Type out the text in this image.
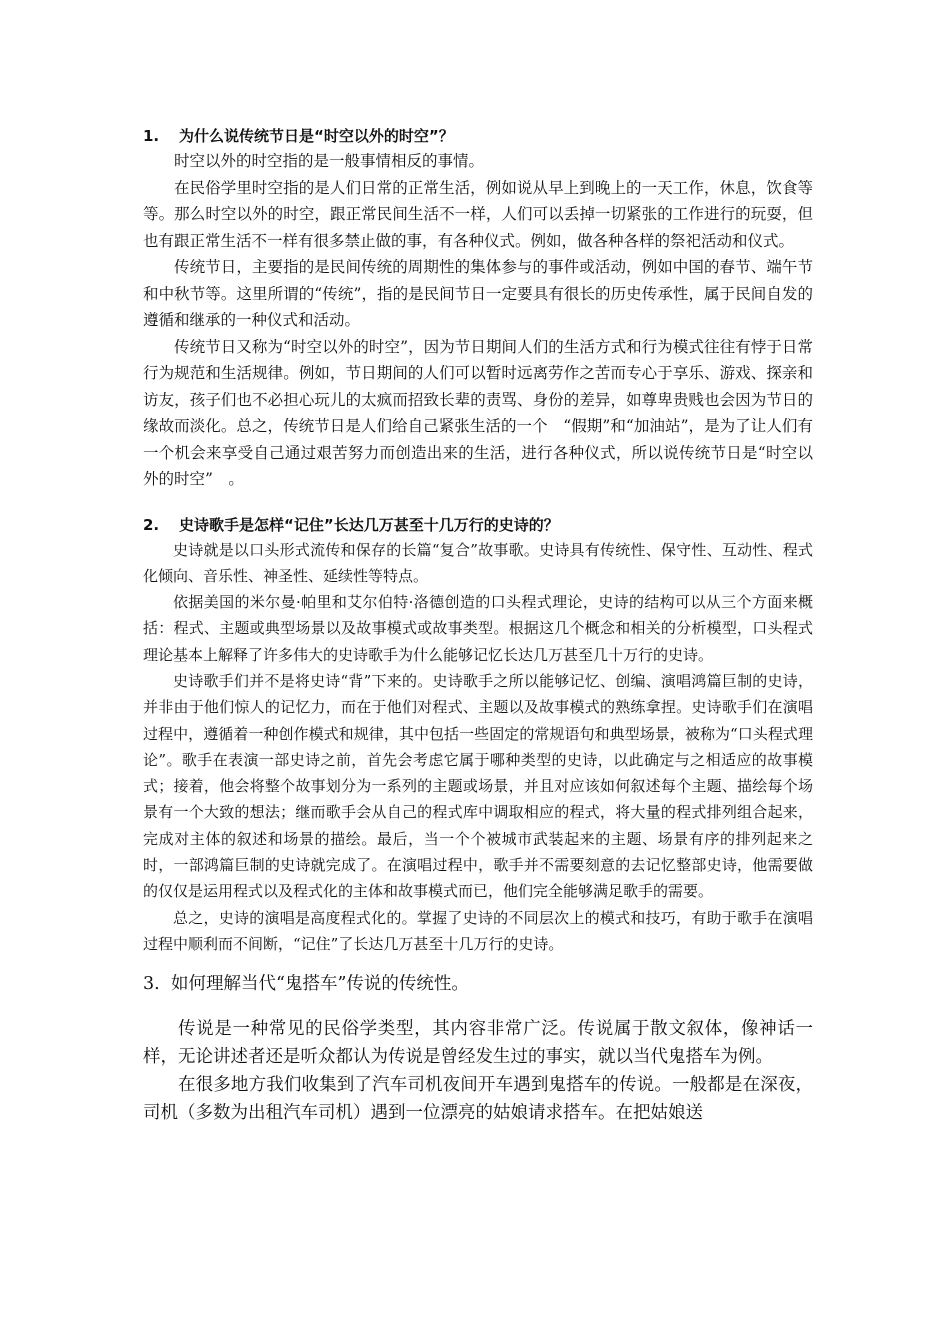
1. 为什么说传统节日是“时空以外的时空”？

时空以外的时空指的是一般事情相反的事情。

在民俗学里时空指的是人们日常的正常生活，例如说从早上到晚上的一天工作，休息，饮食等等。那么时空以外的时空，跟正常民间生活不一样，人们可以丢掉一切紧张的工作进行的玩耍，但也有跟正常生活不一样有很多禁止做的事，有各种仪式。例如，做各种各样的祭祀活动和仪式。

传统节日，主要指的是民间传统的周期性的集体参与的事件或活动，例如中国的春节、端午节和中秋节等。这里所谓的“传统”，指的是民间节日一定要具有很长的历史传承性，属于民间自发的遵循和继承的一种仪式和活动。

传统节日又称为“时空以外的时空”，因为节日期间人们的生活方式和行为模式往往有悖于日常行为规范和生活规律。例如，节日期间的人们可以暂时远离劳作之苦而专心于享乐、游戏、探亲和访友，孩子们也不必担心玩儿的太疯而招致长辈的责骂、身份的差异，如尊卑贵贱也会因为节日的缘故而淡化。总之，传统节日是人们给自己紧张生活的一个　“假期”和“加油站”，是为了让人们有一个机会来享受自己通过艰苦努力而创造出来的生活，进行各种仪式，所以说传统节日是“时空以外的时空”　。

2. 史诗歌手是怎样“记住”长达几万甚至十几万行的史诗的？

史诗就是以口头形式流传和保存的长篇“复合”故事歌。史诗具有传统性、保守性、互动性、程式化倾向、音乐性、神圣性、延续性等特点。

依据美国的米尔曼·帕里和艾尔伯特·洛德创造的口头程式理论，史诗的结构可以从三个方面来概括：程式、主题或典型场景以及故事模式或故事类型。根据这几个概念和相关的分析模型，口头程式理论基本上解释了许多伟大的史诗歌手为什么能够记忆长达几万甚至几十万行的史诗。

史诗歌手们并不是将史诗“背”下来的。史诗歌手之所以能够记忆、创编、演唱鸿篇巨制的史诗，并非由于他们惊人的记忆力，而在于他们对程式、主题以及故事模式的熟练拿捏。史诗歌手们在演唱过程中，遵循着一种创作模式和规律，其中包括一些固定的常规语句和典型场景，被称为“口头程式理论”。歌手在表演一部史诗之前，首先会考虑它属于哪种类型的史诗，以此确定与之相适应的故事模式；接着，他会将整个故事划分为一系列的主题或场景，并且对应该如何叙述每个主题、描绘每个场景有一个大致的想法；继而歌手会从自己的程式库中调取相应的程式，将大量的程式排列组合起来，完成对主体的叙述和场景的描绘。最后，当一个个被城市武装起来的主题、场景有序的排列起来之时，一部鸿篇巨制的史诗就完成了。在演唱过程中，歌手并不需要刻意的去记忆整部史诗，他需要做的仅仅是运用程式以及程式化的主体和故事模式而已，他们完全能够满足歌手的需要。

总之，史诗的演唱是高度程式化的。掌握了史诗的不同层次上的模式和技巧，有助于歌手在演唱过程中顺利而不间断，“记住”了长达几万甚至十几万行的史诗。

3. 如何理解当代“鬼搭车”传说的传统性。

传说是一种常见的民俗学类型，其内容非常广泛。传说属于散文叙体，像神话一样，无论讲述者还是听众都认为传说是曾经发生过的事实，就以当代鬼搭车为例。

在很多地方我们收集到了汽车司机夜间开车遇到鬼搭车的传说。一般都是在深夜，司机（多数为出租汽车司机）遇到一位漂亮的姑娘请求搭车。在把姑娘送
